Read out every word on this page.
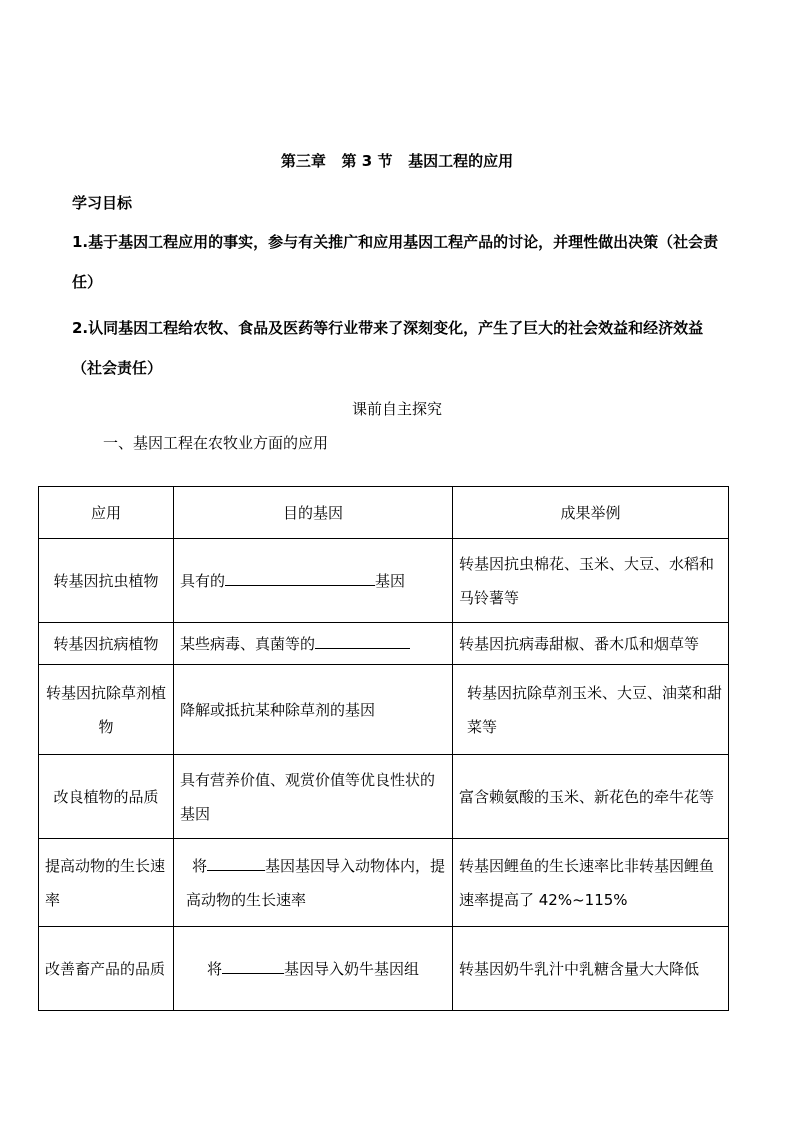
第三章   第 3 节   基因工程的应用
学习目标

1.基于基因工程应用的事实，参与有关推广和应用基因工程产品的讨论，并理性做出决策（社会责任）

2.认同基因工程给农牧、食品及医药等行业带来了深刻变化，产生了巨大的社会效益和经济效益（社会责任）

课前自主探究
一、基因工程在农牧业方面的应用
应用	目的基因	成果举例
转基因抗虫植物	具有的 基因	转基因抗虫棉花、玉米、大豆、水稻和马铃薯等
转基因抗病植物	某些病毒、真菌等的	转基因抗病毒甜椒、番木瓜和烟草等
转基因抗除草剂植物	降解或抵抗某种除草剂的基因	转基因抗除草剂玉米、大豆、油菜和甜菜等
改良植物的品质	具有营养价值、观赏价值等优良性状的基因	富含赖氨酸的玉米、新花色的牵牛花等
提高动物的生长速率	将 基因基因导入动物体内，提高动物的生长速率	转基因鲤鱼的生长速率比非转基因鲤鱼速率提高了 42%~115%
改善畜产品的品质	将 基因导入奶牛基因组	转基因奶牛乳汁中乳糖含量大大降低
